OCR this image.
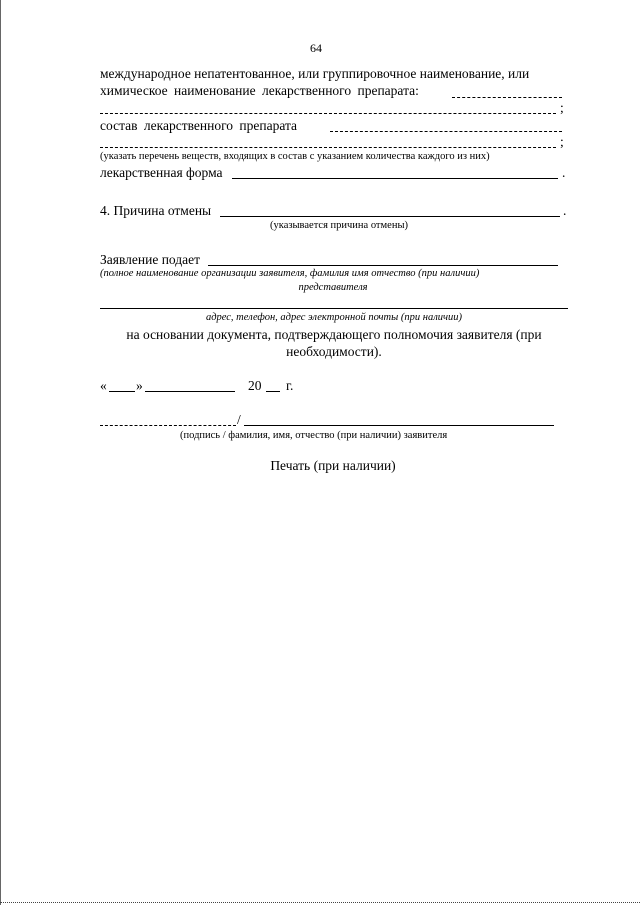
64
международное непатентованное, или группировочное наименование, или
химическое наименование лекарственного препарата:
;
состав лекарственного препарата
;
(указать перечень веществ, входящих в состав с указанием количества каждого из них)
лекарственная форма	.
4. Причина отмены	.
(указывается причина отмены)
Заявление подает
(полное наименование организации заявителя, фамилия имя отчество (при наличии)
представителя
адрес, телефон, адрес электронной почты (при наличии)
на основании документа, подтверждающего полномочия заявителя (при
необходимости).
« »	20 г.
/
(подпись / фамилия, имя, отчество (при наличии) заявителя
Печать (при наличии)
